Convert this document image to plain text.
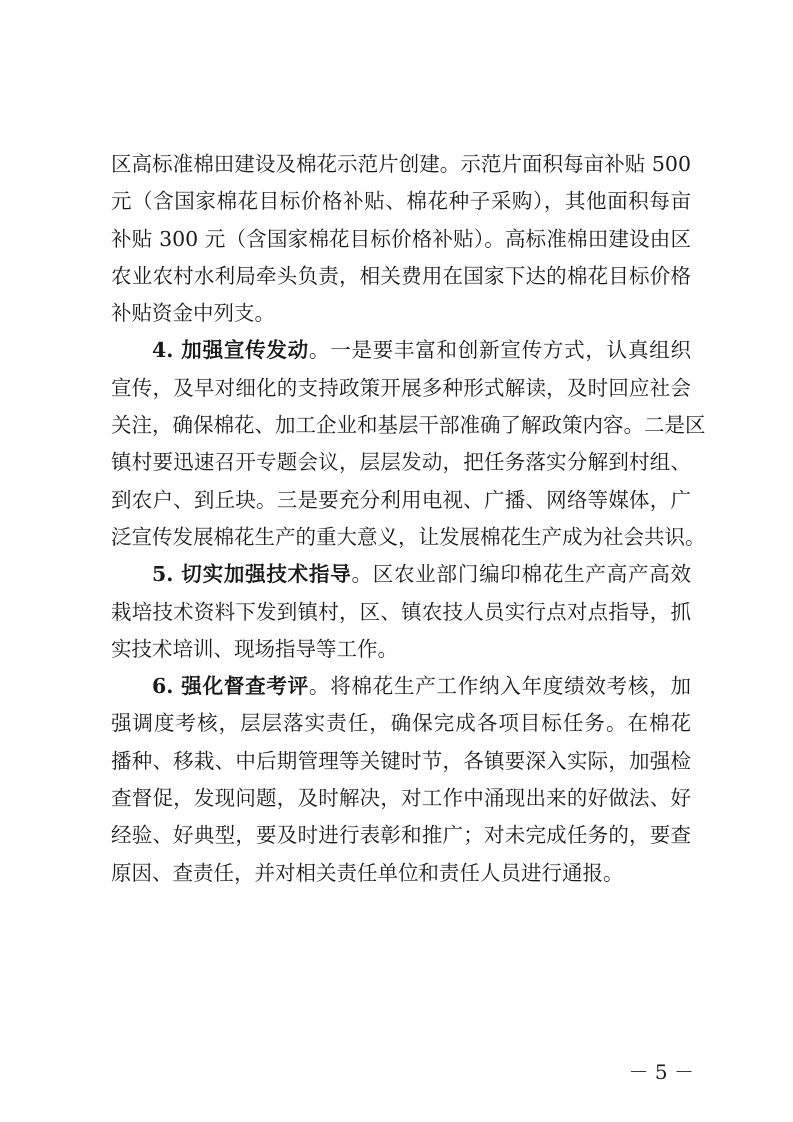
区高标准棉田建设及棉花示范片创建。示范片面积每亩补贴 500
元（含国家棉花目标价格补贴、棉花种子采购），其他面积每亩
补贴 300 元（含国家棉花目标价格补贴）。高标准棉田建设由区
农业农村水利局牵头负责，相关费用在国家下达的棉花目标价格
补贴资金中列支。
4. 加强宣传发动。一是要丰富和创新宣传方式，认真组织
宣传，及早对细化的支持政策开展多种形式解读，及时回应社会
关注，确保棉花、加工企业和基层干部准确了解政策内容。二是区
镇村要迅速召开专题会议，层层发动，把任务落实分解到村组、
到农户、到丘块。三是要充分利用电视、广播、网络等媒体，广
泛宣传发展棉花生产的重大意义，让发展棉花生产成为社会共识。
5. 切实加强技术指导。区农业部门编印棉花生产高产高效
栽培技术资料下发到镇村，区、镇农技人员实行点对点指导，抓
实技术培训、现场指导等工作。
6. 强化督查考评。将棉花生产工作纳入年度绩效考核，加
强调度考核，层层落实责任，确保完成各项目标任务。在棉花
播种、移栽、中后期管理等关键时节，各镇要深入实际，加强检
查督促，发现问题，及时解决，对工作中涌现出来的好做法、好
经验、好典型，要及时进行表彰和推广；对未完成任务的，要查
原因、查责任，并对相关责任单位和责任人员进行通报。
－ 5 －
